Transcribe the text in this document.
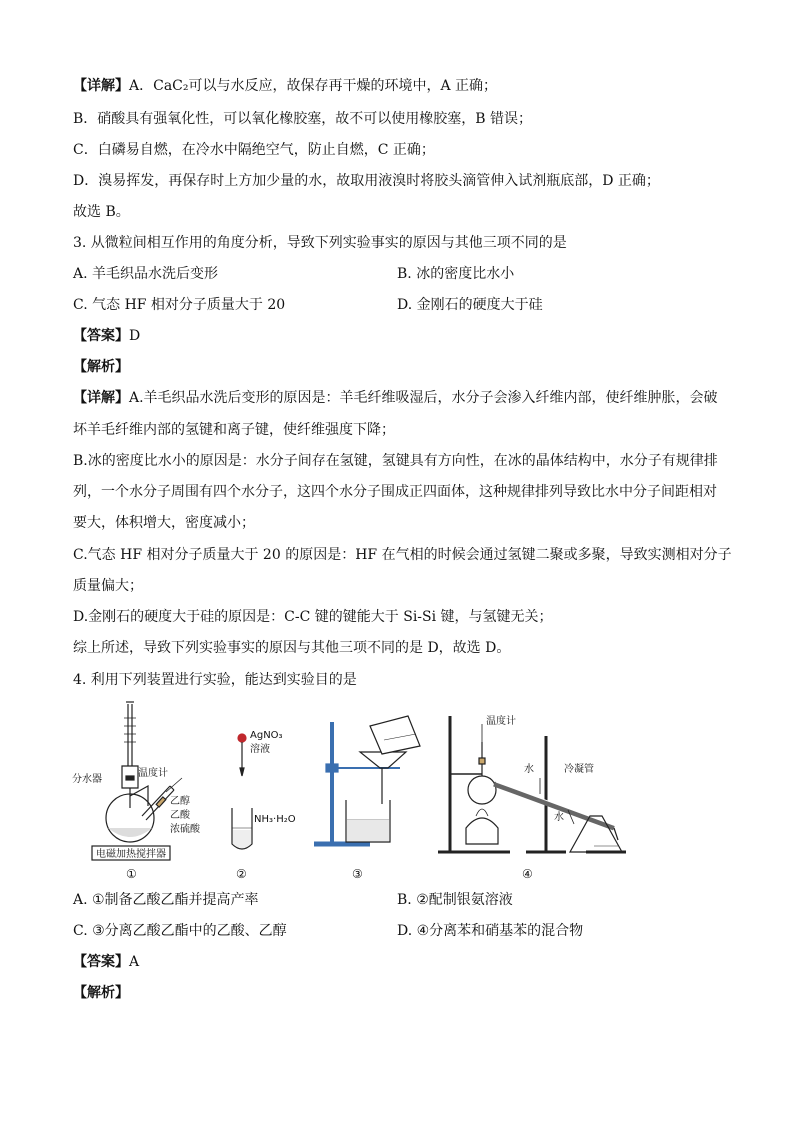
【详解】A．CaC₂可以与水反应，故保存再干燥的环境中，A 正确；
B．硝酸具有强氧化性，可以氧化橡胶塞，故不可以使用橡胶塞，B 错误；
C．白磷易自燃，在冷水中隔绝空气，防止自燃，C 正确；
D．溴易挥发，再保存时上方加少量的水，故取用液溴时将胶头滴管伸入试剂瓶底部，D 正确；
故选 B。
3. 从微粒间相互作用的角度分析，导致下列实验事实的原因与其他三项不同的是
A. 羊毛织品水洗后变形	B. 冰的密度比水小
C. 气态 HF 相对分子质量大于 20	D. 金刚石的硬度大于硅
【答案】D
【解析】
【详解】A.羊毛织品水洗后变形的原因是：羊毛纤维吸湿后，水分子会渗入纤维内部，使纤维肿胀，会破
坏羊毛纤维内部的氢键和离子键，使纤维强度下降；
B.冰的密度比水小的原因是：水分子间存在氢键，氢键具有方向性，在冰的晶体结构中，水分子有规律排
列，一个水分子周围有四个水分子，这四个水分子围成正四面体，这种规律排列导致比水中分子间距相对
要大，体积增大，密度减小；
C.气态 HF 相对分子质量大于 20 的原因是：HF 在气相的时候会通过氢键二聚或多聚，导致实测相对分子
质量偏大；
D.金刚石的硬度大于硅的原因是：C-C 键的键能大于 Si-Si 键，与氢键无关；
综上所述，导致下列实验事实的原因与其他三项不同的是 D，故选 D。
4. 利用下列装置进行实验，能达到实验目的是
分水器
温度计
乙醇
乙酸
浓硫酸
电磁加热搅拌器
AgNO₃
溶液
NH₃·H₂O
温度计
水	冷凝管
水
①	②	③	④
A. ①制备乙酸乙酯并提高产率	B. ②配制银氨溶液
C. ③分离乙酸乙酯中的乙酸、乙醇	D. ④分离苯和硝基苯的混合物
【答案】A
【解析】
